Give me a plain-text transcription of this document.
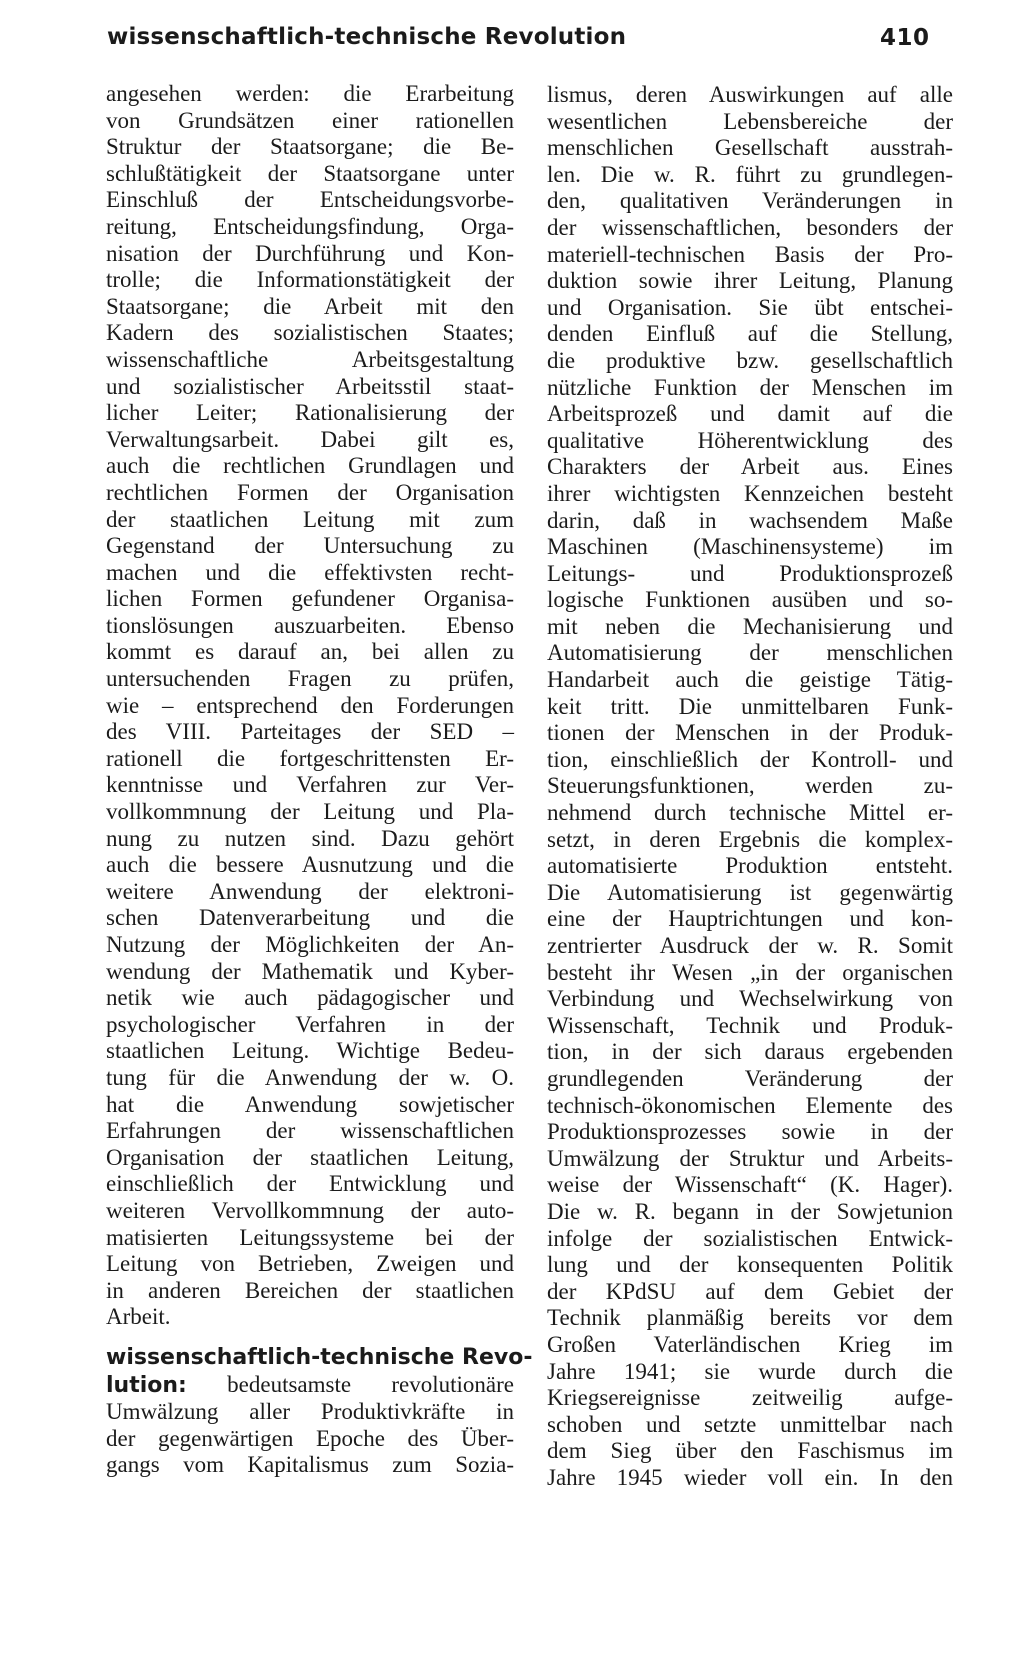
wissenschaftlich-technische Revolution	410
angesehen werden: die Erarbeitung
von Grundsätzen einer rationellen
Struktur der Staatsorgane; die Be-
schlußtätigkeit der Staatsorgane unter
Einschluß der Entscheidungsvorbe-
reitung, Entscheidungsfindung, Orga-
nisation der Durchführung und Kon-
trolle; die Informationstätigkeit der
Staatsorgane; die Arbeit mit den
Kadern des sozialistischen Staates;
wissenschaftliche Arbeitsgestaltung
und sozialistischer Arbeitsstil staat-
licher Leiter; Rationalisierung der
Verwaltungsarbeit. Dabei gilt es,
auch die rechtlichen Grundlagen und
rechtlichen Formen der Organisation
der staatlichen Leitung mit zum
Gegenstand der Untersuchung zu
machen und die effektivsten recht-
lichen Formen gefundener Organisa-
tionslösungen auszuarbeiten. Ebenso
kommt es darauf an, bei allen zu
untersuchenden Fragen zu prüfen,
wie – entsprechend den Forderungen
des VIII. Parteitages der SED –
rationell die fortgeschrittensten Er-
kenntnisse und Verfahren zur Ver-
vollkommnung der Leitung und Pla-
nung zu nutzen sind. Dazu gehört
auch die bessere Ausnutzung und die
weitere Anwendung der elektroni-
schen Datenverarbeitung und die
Nutzung der Möglichkeiten der An-
wendung der Mathematik und Kyber-
netik wie auch pädagogischer und
psychologischer Verfahren in der
staatlichen Leitung. Wichtige Bedeu-
tung für die Anwendung der w. O.
hat die Anwendung sowjetischer
Erfahrungen der wissenschaftlichen
Organisation der staatlichen Leitung,
einschließlich der Entwicklung und
weiteren Vervollkommnung der auto-
matisierten Leitungssysteme bei der
Leitung von Betrieben, Zweigen und
in anderen Bereichen der staatlichen
Arbeit.
wissenschaftlich-technische Revo-
lution: bedeutsamste revolutionäre
Umwälzung aller Produktivkräfte in
der gegenwärtigen Epoche des Über-
gangs vom Kapitalismus zum Sozia-
lismus, deren Auswirkungen auf alle
wesentlichen Lebensbereiche der
menschlichen Gesellschaft ausstrah-
len. Die w. R. führt zu grundlegen-
den, qualitativen Veränderungen in
der wissenschaftlichen, besonders der
materiell-technischen Basis der Pro-
duktion sowie ihrer Leitung, Planung
und Organisation. Sie übt entschei-
denden Einfluß auf die Stellung,
die produktive bzw. gesellschaftlich
nützliche Funktion der Menschen im
Arbeitsprozeß und damit auf die
qualitative Höherentwicklung des
Charakters der Arbeit aus. Eines
ihrer wichtigsten Kennzeichen besteht
darin, daß in wachsendem Maße
Maschinen (Maschinensysteme) im
Leitungs- und Produktionsprozeß
logische Funktionen ausüben und so-
mit neben die Mechanisierung und
Automatisierung der menschlichen
Handarbeit auch die geistige Tätig-
keit tritt. Die unmittelbaren Funk-
tionen der Menschen in der Produk-
tion, einschließlich der Kontroll- und
Steuerungsfunktionen, werden zu-
nehmend durch technische Mittel er-
setzt, in deren Ergebnis die komplex-
automatisierte Produktion entsteht.
Die Automatisierung ist gegenwärtig
eine der Hauptrichtungen und kon-
zentrierter Ausdruck der w. R. Somit
besteht ihr Wesen „in der organischen
Verbindung und Wechselwirkung von
Wissenschaft, Technik und Produk-
tion, in der sich daraus ergebenden
grundlegenden Veränderung der
technisch-ökonomischen Elemente des
Produktionsprozesses sowie in der
Umwälzung der Struktur und Arbeits-
weise der Wissenschaft“ (K. Hager).
Die w. R. begann in der Sowjetunion
infolge der sozialistischen Entwick-
lung und der konsequenten Politik
der KPdSU auf dem Gebiet der
Technik planmäßig bereits vor dem
Großen Vaterländischen Krieg im
Jahre 1941; sie wurde durch die
Kriegsereignisse zeitweilig aufge-
schoben und setzte unmittelbar nach
dem Sieg über den Faschismus im
Jahre 1945 wieder voll ein. In den
